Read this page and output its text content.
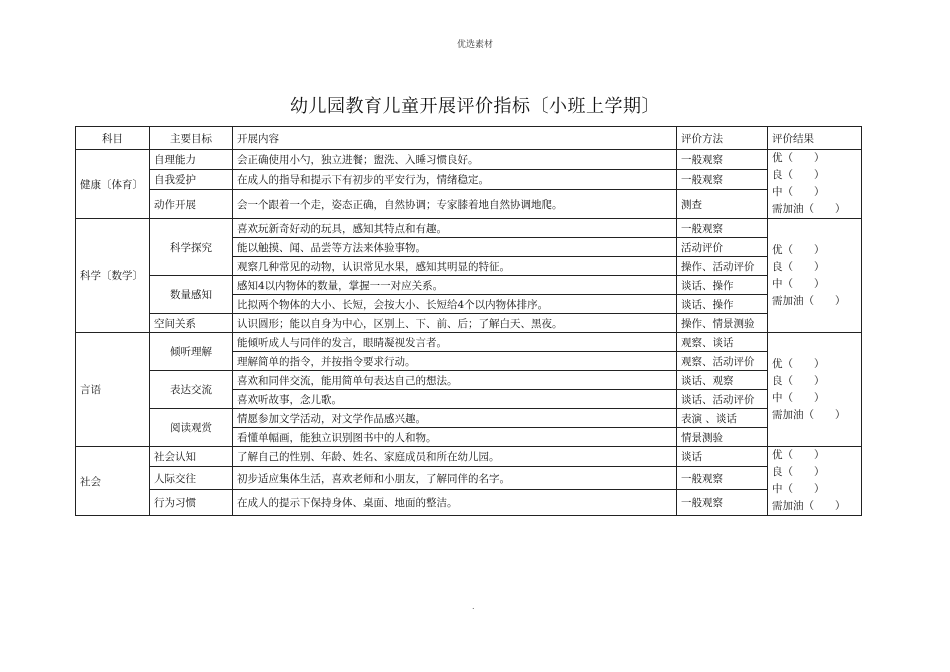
优选素材
幼儿园教育儿童开展评价指标〔小班上学期〕
科目	主要目标	开展内容	评价方法	评价结果
健康〔体育〕	自理能力	会正确使用小勺，独立进餐；盥洗、入睡习惯良好。	一般观察	优（　　）
良（　　）
中（　　）
需加油（　　）

	自我爱护	在成人的指导和提示下有初步的平安行为，情绪稳定。	一般观察	
	动作开展	会一个跟着一个走，姿态正确，自然协调；专家膝着地自然协调地爬。	测查	
科学〔数学〕	科学探究	喜欢玩新奇好动的玩具，感知其特点和有趣。	一般观察	优（　　）
良（　　）
中（　　）
需加油（　　）

		能以触摸、闻、品尝等方法来体验事物。	活动评价	
		观察几种常见的动物，认识常见水果，感知其明显的特征。	操作、活动评价	
	数量感知	感知4以内物体的数量，掌握一一对应关系。	谈话、操作	
		比拟两个物体的大小、长短，会按大小、长短给4个以内物体排序。	谈话、操作	
	空间关系	认识圆形；能以自身为中心，区别上、下、前、后；了解白天、黑夜。	操作、情景测验	
言语	倾听理解	能倾听成人与同伴的发言，眼睛凝视发言者。	观察、谈话	优（　　）
良（　　）
中（　　）
需加油（　　）

		理解简单的指令，并按指令要求行动。	观察、活动评价	
	表达交流	喜欢和同伴交流，能用简单句表达自己的想法。	谈话、观察	
		喜欢听故事，念儿歌。	谈话、活动评价	
	阅读观赏	情愿参加文学活动，对文学作品感兴趣。	表演 、谈话	
		看懂单幅画，能独立识别图书中的人和物。	情景测验	
社会	社会认知	了解自己的性别、年龄、姓名、家庭成员和所在幼儿园。	谈话	优（　　）
良（　　）
中（　　）
需加油（　　）

	人际交往	初步适应集体生活，喜欢老师和小朋友，了解同伴的名字。	一般观察	
	行为习惯	在成人的提示下保持身体、桌面、地面的整洁。	一般观察	
.
